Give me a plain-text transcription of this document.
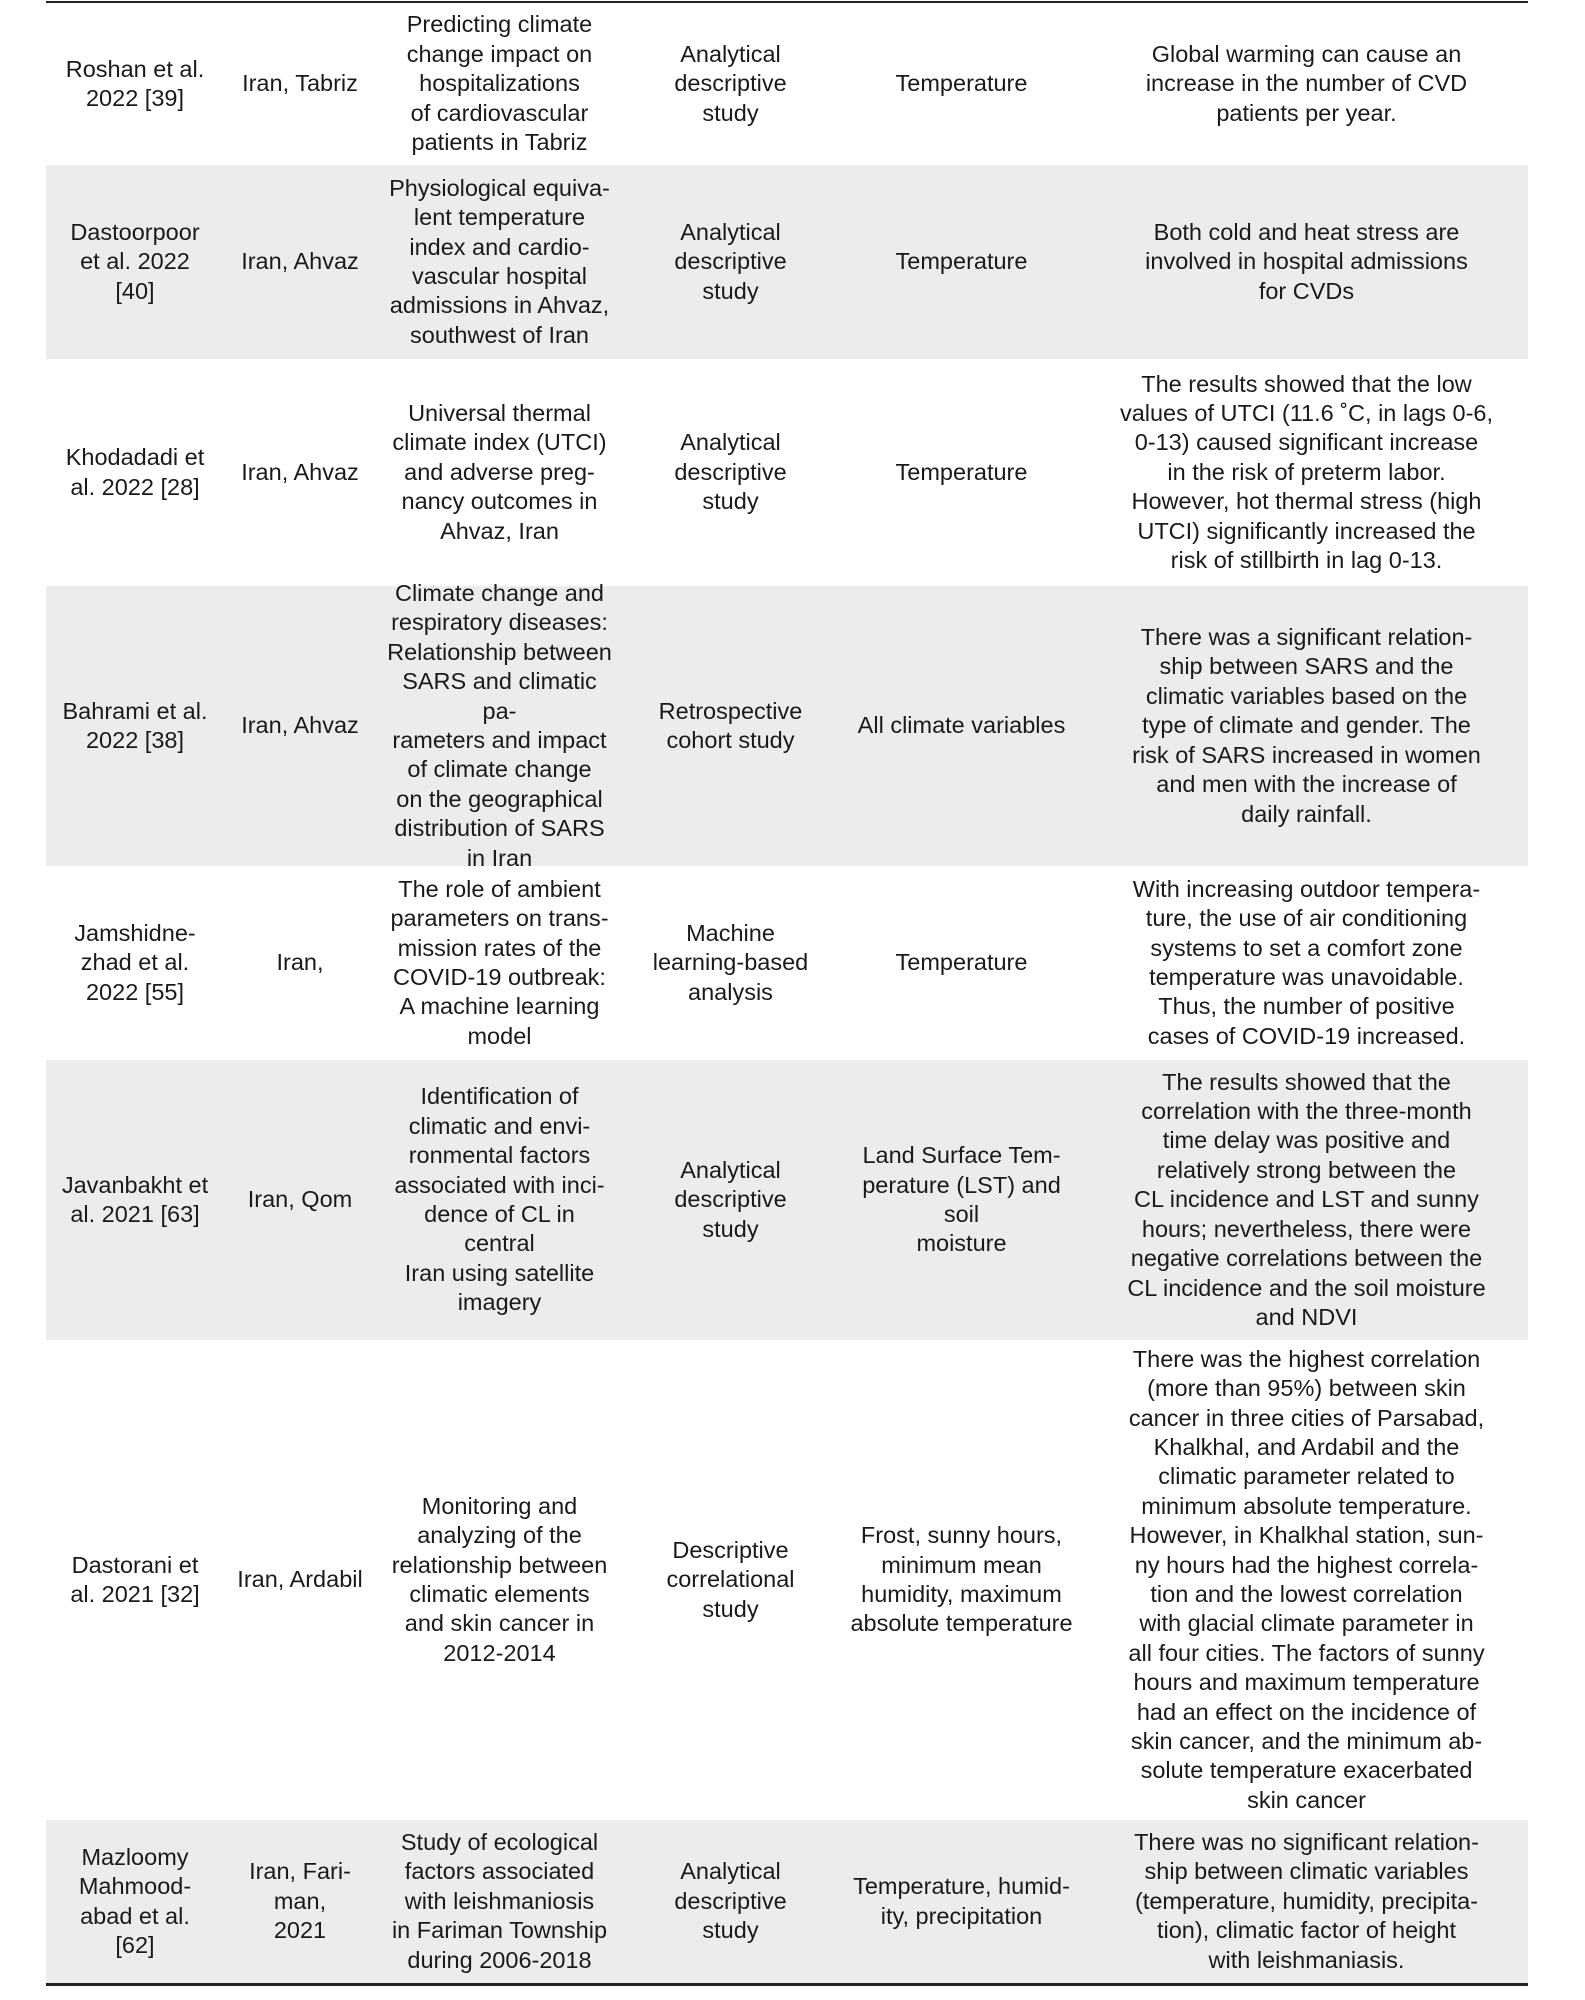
Roshan et al.
2022 [39]
Iran, Tabriz
Predicting climate
change impact on
hospitalizations
of cardiovascular
patients in Tabriz
Analytical
descriptive
study
Temperature
Global warming can cause an
increase in the number of CVD
patients per year.
Dastoorpoor
et al. 2022
[40]
Iran, Ahvaz
Physiological equiva-
lent temperature
index and cardio-
vascular hospital
admissions in Ahvaz,
southwest of Iran
Analytical
descriptive
study
Temperature
Both cold and heat stress are
involved in hospital admissions
for CVDs
Khodadadi et
al. 2022 [28]
Iran, Ahvaz
Universal thermal
climate index (UTCI)
and adverse preg-
nancy outcomes in
Ahvaz, Iran
Analytical
descriptive
study
Temperature
The results showed that the low
values of UTCI (11.6 ˚C, in lags 0-6,
0-13) caused significant increase
in the risk of preterm labor.
However, hot thermal stress (high
UTCI) significantly increased the
risk of stillbirth in lag 0-13.
Bahrami et al.
2022 [38]
Iran, Ahvaz
Climate change and
respiratory diseases:
Relationship between
SARS and climatic pa-
rameters and impact
of climate change
on the geographical
distribution of SARS
in Iran
Retrospective
cohort study
All climate variables
There was a significant relation-
ship between SARS and the
climatic variables based on the
type of climate and gender. The
risk of SARS increased in women
and men with the increase of
daily rainfall.
Jamshidne-
zhad et al.
2022 [55]
Iran,
The role of ambient
parameters on trans-
mission rates of the
COVID-19 outbreak:
A machine learning
model
Machine
learning-based
analysis
Temperature
With increasing outdoor tempera-
ture, the use of air conditioning
systems to set a comfort zone
temperature was unavoidable.
Thus, the number of positive
cases of COVID-19 increased.
Javanbakht et
al. 2021 [63]
Iran, Qom
Identification of
climatic and envi-
ronmental factors
associated with inci-
dence of CL in central
Iran using satellite
imagery
Analytical
descriptive
study
Land Surface Tem-
perature (LST) and soil
moisture
The results showed that the
correlation with the three-month
time delay was positive and
relatively strong between the
CL incidence and LST and sunny
hours; nevertheless, there were
negative correlations between the
CL incidence and the soil moisture
and NDVI
Dastorani et
al. 2021 [32]
Iran, Ardabil
Monitoring and
analyzing of the
relationship between
climatic elements
and skin cancer in
2012-2014
Descriptive
correlational
study
Frost, sunny hours,
minimum mean
humidity, maximum
absolute temperature
There was the highest correlation
(more than 95%) between skin
cancer in three cities of Parsabad,
Khalkhal, and Ardabil and the
climatic parameter related to
minimum absolute temperature.
However, in Khalkhal station, sun-
ny hours had the highest correla-
tion and the lowest correlation
with glacial climate parameter in
all four cities. The factors of sunny
hours and maximum temperature
had an effect on the incidence of
skin cancer, and the minimum ab-
solute temperature exacerbated
skin cancer
Mazloomy
Mahmood-
abad et al.
[62]
Iran, Fari-
man,
2021
Study of ecological
factors associated
with leishmaniosis
in Fariman Township
during 2006-2018
Analytical
descriptive
study
Temperature, humid-
ity, precipitation
There was no significant relation-
ship between climatic variables
(temperature, humidity, precipita-
tion), climatic factor of height
with leishmaniasis.
